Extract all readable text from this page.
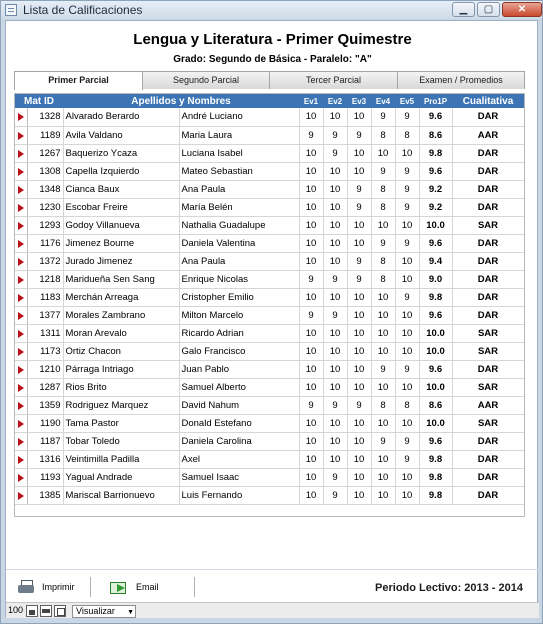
Lista de Calificaciones	▁	▢	✕
Lengua y Literatura - Primer Quimestre
Grado: Segundo de Básica - Paralelo: "A"
Primer Parcial	Segundo Parcial	Tercer Parcial	Examen / Promedios
Mat ID		Apellidos y Nombres		Ev1	Ev2	Ev3	Ev4	Ev5	Pro1P	Cualitativa

	1328	Alvarado Berardo	André Luciano	10	10	10	9	9	9.6	DAR

	1189	Avila Valdano	Maria Laura	9	9	9	8	8	8.6	AAR

	1267	Baquerizo Ycaza	Luciana Isabel	10	9	10	10	10	9.8	DAR

	1308	Capella Izquierdo	Mateo Sebastian	10	10	10	9	9	9.6	DAR

	1348	Cianca Baux	Ana Paula	10	10	9	8	9	9.2	DAR

	1230	Escobar Freire	María Belén	10	10	9	8	9	9.2	DAR

	1293	Godoy Villanueva	Nathalia Guadalupe	10	10	10	10	10	10.0	SAR

	1176	Jimenez Bourne	Daniela Valentina	10	10	10	9	9	9.6	DAR

	1372	Jurado Jimenez	Ana Paula	10	10	9	8	10	9.4	DAR

	1218	Maridueña Sen Sang	Enrique Nicolas	9	9	9	8	10	9.0	DAR

	1183	Merchán Arreaga	Cristopher Emilio	10	10	10	10	9	9.8	DAR

	1377	Morales Zambrano	Milton Marcelo	9	9	10	10	10	9.6	DAR

	1311	Moran Arevalo	Ricardo Adrian	10	10	10	10	10	10.0	SAR

	1173	Ortiz Chacon	Galo Francisco	10	10	10	10	10	10.0	SAR

	1210	Párraga Intriago	Juan Pablo	10	10	10	9	9	9.6	DAR

	1287	Rios Brito	Samuel Alberto	10	10	10	10	10	10.0	SAR

	1359	Rodriguez Marquez	David Nahum	9	9	9	8	8	8.6	AAR

	1190	Tama Pastor	Donald Estefano	10	10	10	10	10	10.0	SAR

	1187	Tobar Toledo	Daniela Carolina	10	10	10	9	9	9.6	DAR

	1316	Veintimilla Padilla	Axel	10	10	10	10	9	9.8	DAR

	1193	Yagual Andrade	Samuel Isaac	10	9	10	10	10	9.8	DAR

	1385	Mariscal Barrionuevo	Luis Fernando	10	9	10	10	10	9.8	DAR
Imprimir	Email	Periodo Lectivo: 2013 - 2014
100	Visualizar ▼
